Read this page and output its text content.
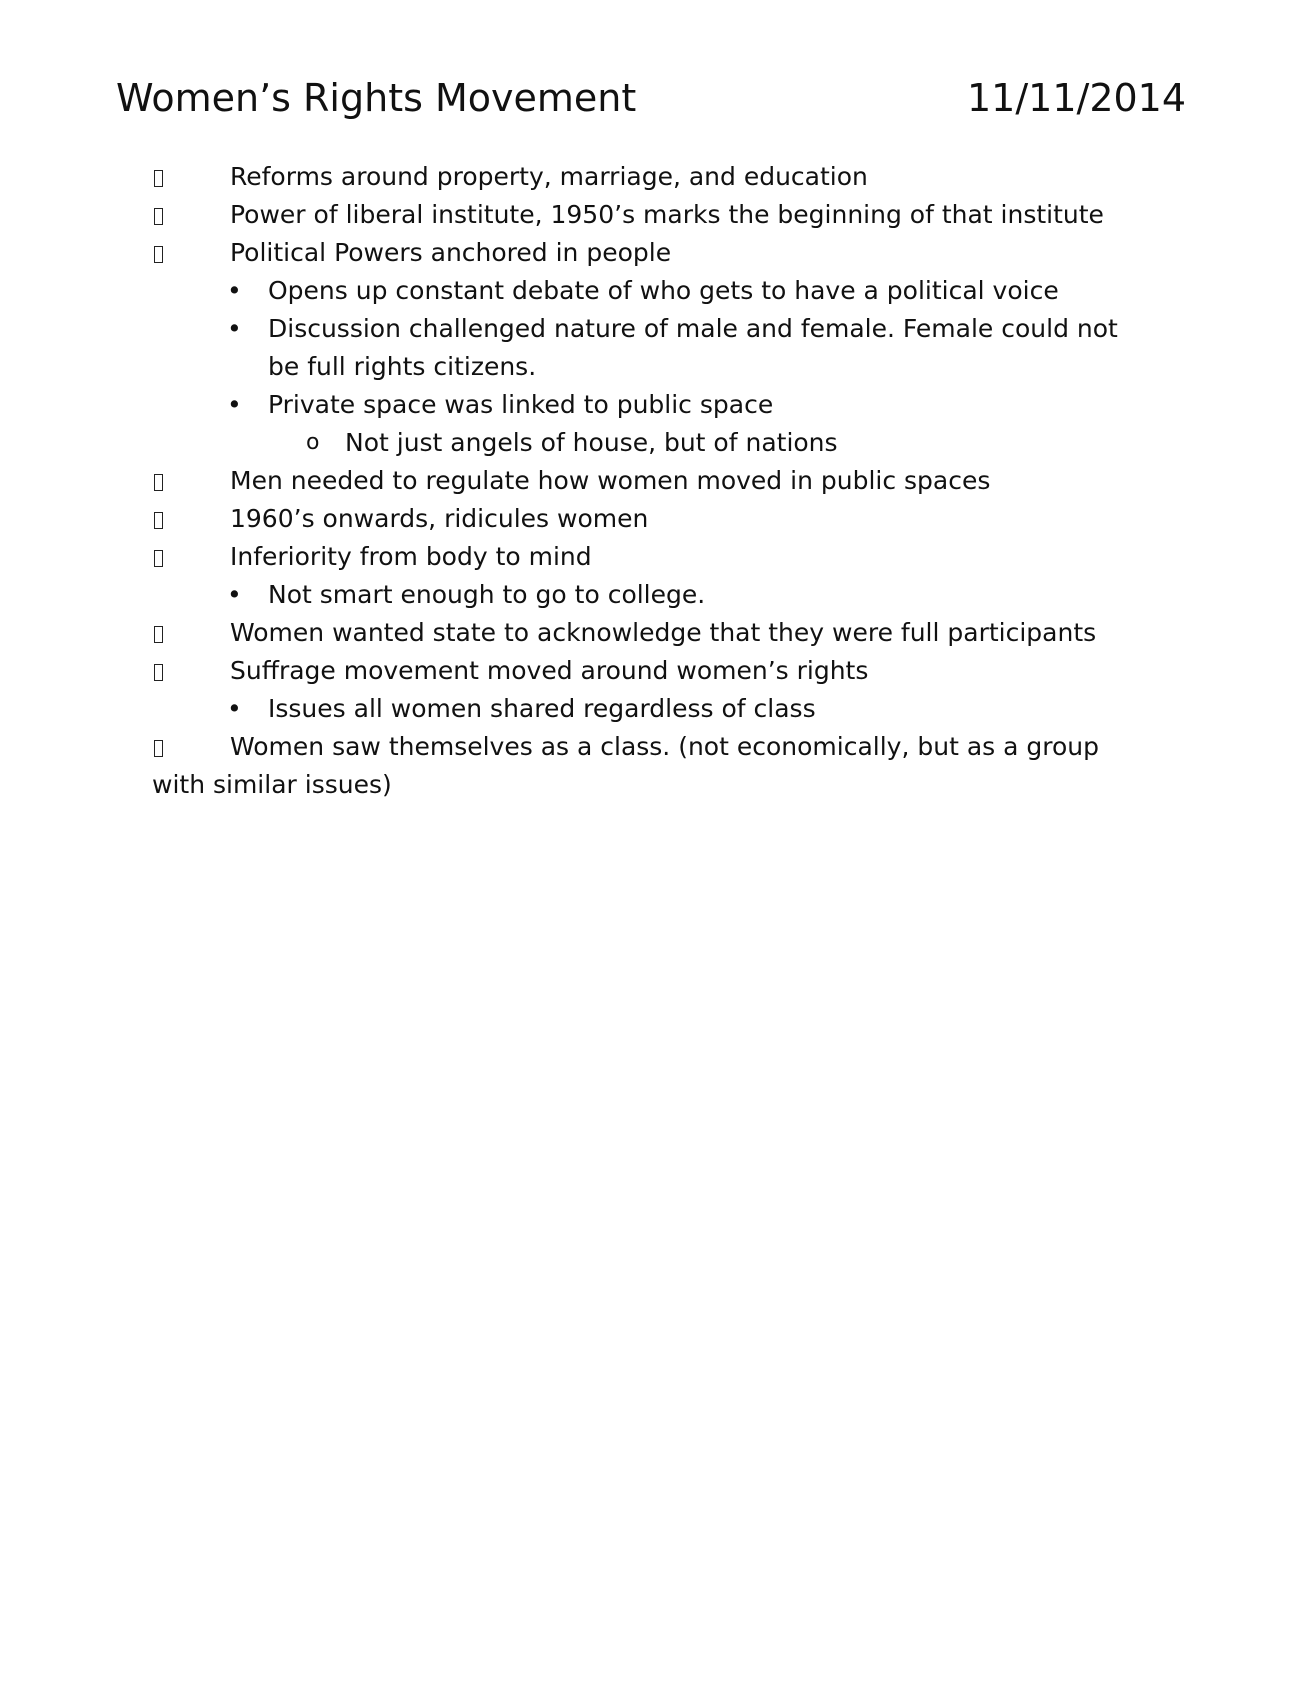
Women’s Rights Movement	11/11/2014
Reforms around property, marriage, and education
Power of liberal institute, 1950’s marks the beginning of that institute
Political Powers anchored in people
• Opens up constant debate of who gets to have a political voice
• Discussion challenged nature of male and female. Female could not be full rights citizens.
• Private space was linked to public space
o Not just angels of house, but of nations
Men needed to regulate how women moved in public spaces
1960’s onwards, ridicules women
Inferiority from body to mind
• Not smart enough to go to college.
Women wanted state to acknowledge that they were full participants
Suffrage movement moved around women’s rights
• Issues all women shared regardless of class
Women saw themselves as a class. (not economically, but as a group with similar issues)
